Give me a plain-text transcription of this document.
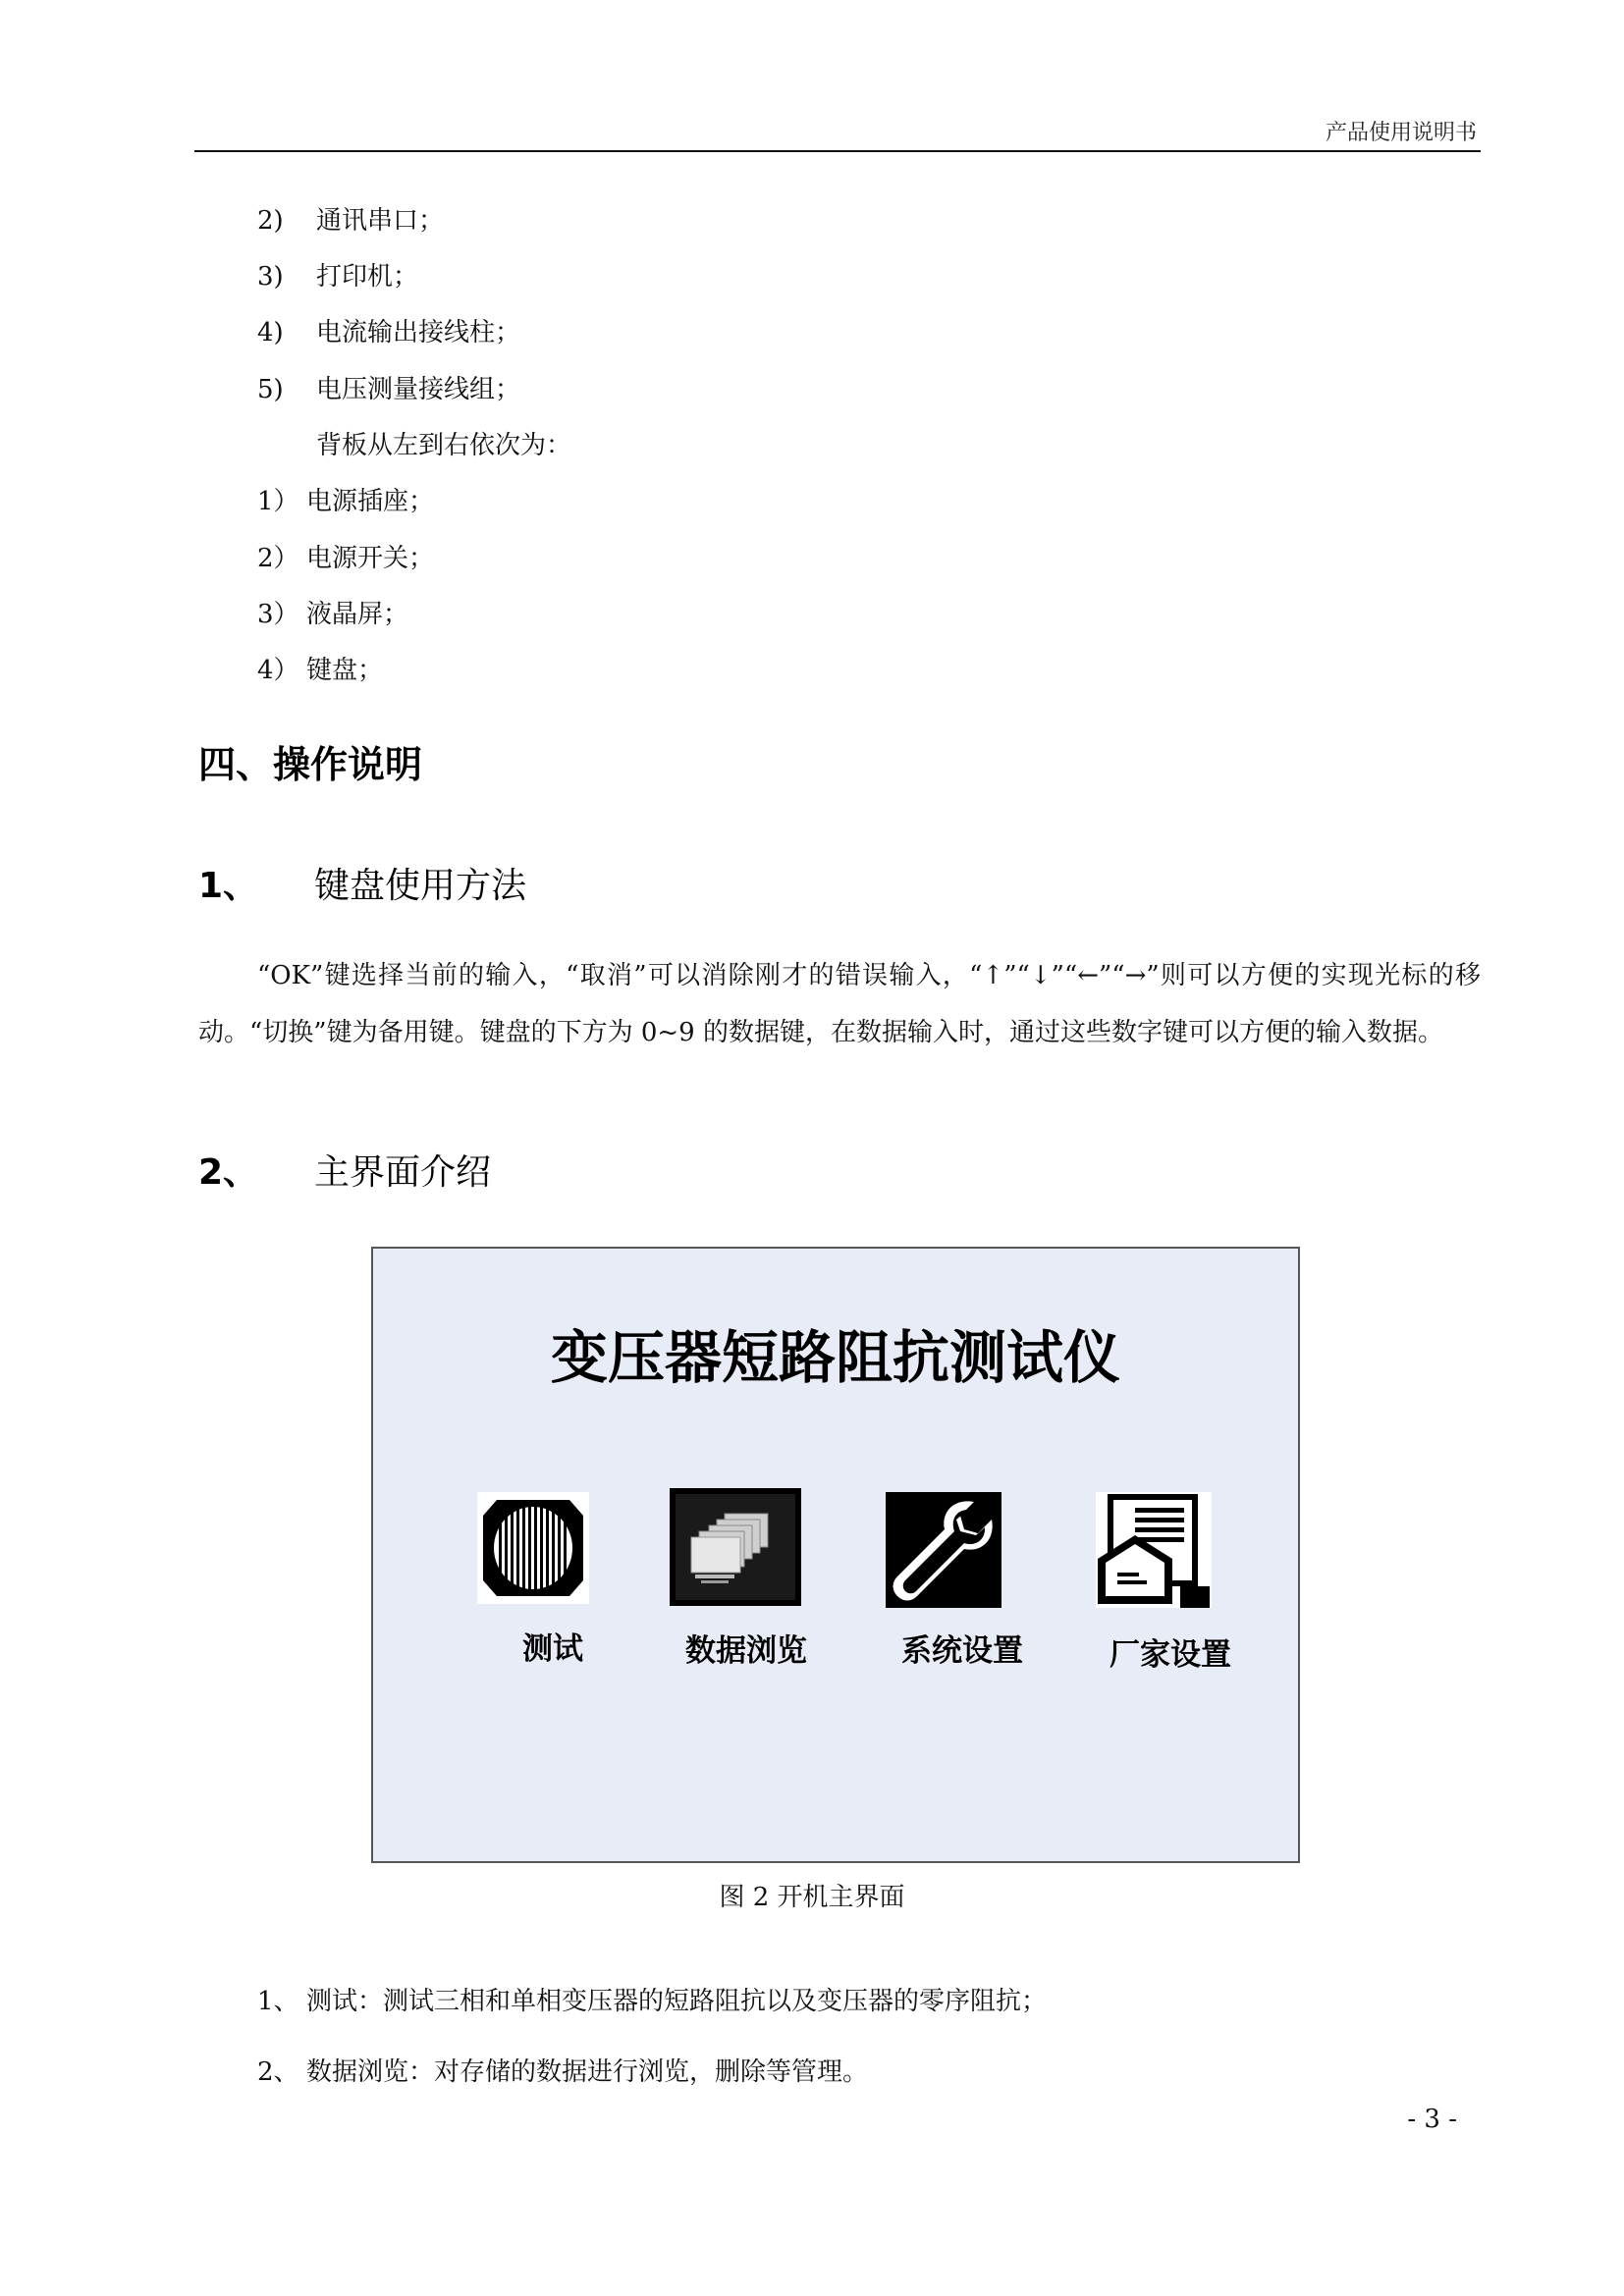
产品使用说明书
2) 通讯串口；
3) 打印机；
4) 电流输出接线柱；
5) 电压测量接线组；
背板从左到右依次为：
1） 电源插座；
2） 电源开关；
3） 液晶屏；
4） 键盘；
四、操作说明
1、 键盘使用方法
“OK”键选择当前的输入，“取消”可以消除刚才的错误输入，“↑”“↓”“←”“→”则可以方便的实现光标的移动。“切换”键为备用键。键盘的下方为 0~9 的数据键，在数据输入时，通过这些数字键可以方便的输入数据。
2、 主界面介绍
变压器短路阻抗测试仪
测试	数据浏览	系统设置	厂家设置
图 2 开机主界面
1、 测试：测试三相和单相变压器的短路阻抗以及变压器的零序阻抗；
2、 数据浏览：对存储的数据进行浏览，删除等管理。
- 3 -
